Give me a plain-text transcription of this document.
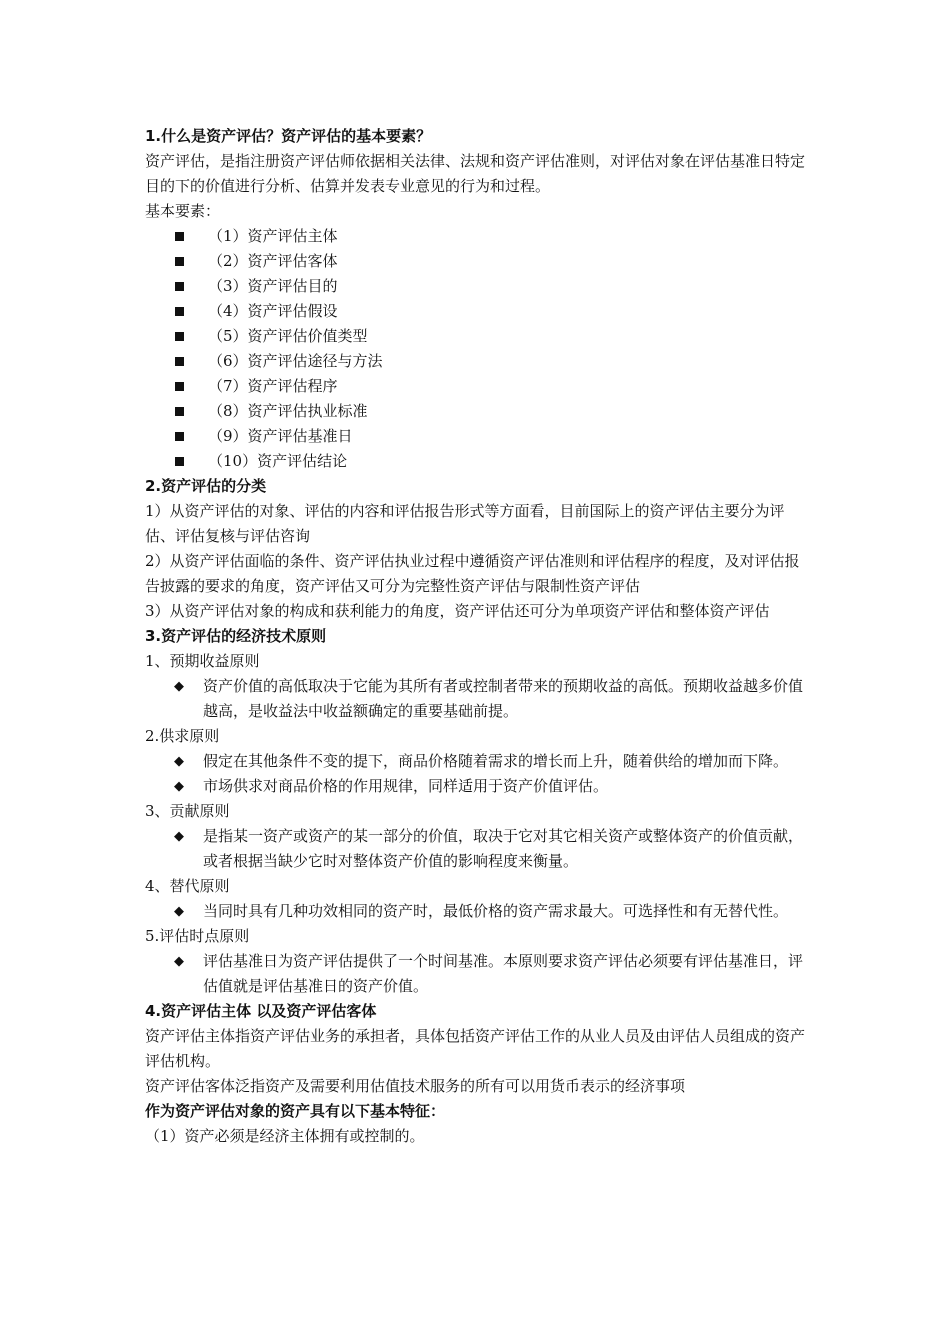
1.什么是资产评估？资产评估的基本要素？
资产评估，是指注册资产评估师依据相关法律、法规和资产评估准则，对评估对象在评估基准日特定目的下的价值进行分析、估算并发表专业意见的行为和过程。
基本要素：
（1）资产评估主体
（2）资产评估客体
（3）资产评估目的
（4）资产评估假设
（5）资产评估价值类型
（6）资产评估途径与方法
（7）资产评估程序
（8）资产评估执业标准
（9）资产评估基准日
（10）资产评估结论
2.资产评估的分类
1）从资产评估的对象、评估的内容和评估报告形式等方面看，目前国际上的资产评估主要分为评估、评估复核与评估咨询
2）从资产评估面临的条件、资产评估执业过程中遵循资产评估准则和评估程序的程度，及对评估报告披露的要求的角度，资产评估又可分为完整性资产评估与限制性资产评估
3）从资产评估对象的构成和获利能力的角度，资产评估还可分为单项资产评估和整体资产评估
3.资产评估的经济技术原则
1、预期收益原则
◆ 资产价值的高低取决于它能为其所有者或控制者带来的预期收益的高低。预期收益越多价值越高，是收益法中收益额确定的重要基础前提。
2.供求原则
◆ 假定在其他条件不变的提下，商品价格随着需求的增长而上升，随着供给的增加而下降。
◆ 市场供求对商品价格的作用规律，同样适用于资产价值评估。
3、贡献原则
◆ 是指某一资产或资产的某一部分的价值，取决于它对其它相关资产或整体资产的价值贡献，或者根据当缺少它时对整体资产价值的影响程度来衡量。
4、替代原则
◆ 当同时具有几种功效相同的资产时，最低价格的资产需求最大。可选择性和有无替代性。
5.评估时点原则
◆ 评估基准日为资产评估提供了一个时间基准。本原则要求资产评估必须要有评估基准日，评估值就是评估基准日的资产价值。
4.资产评估主体 以及资产评估客体
资产评估主体指资产评估业务的承担者，具体包括资产评估工作的从业人员及由评估人员组成的资产评估机构。
资产评估客体泛指资产及需要利用估值技术服务的所有可以用货币表示的经济事项
作为资产评估对象的资产具有以下基本特征：
（1）资产必须是经济主体拥有或控制的。
